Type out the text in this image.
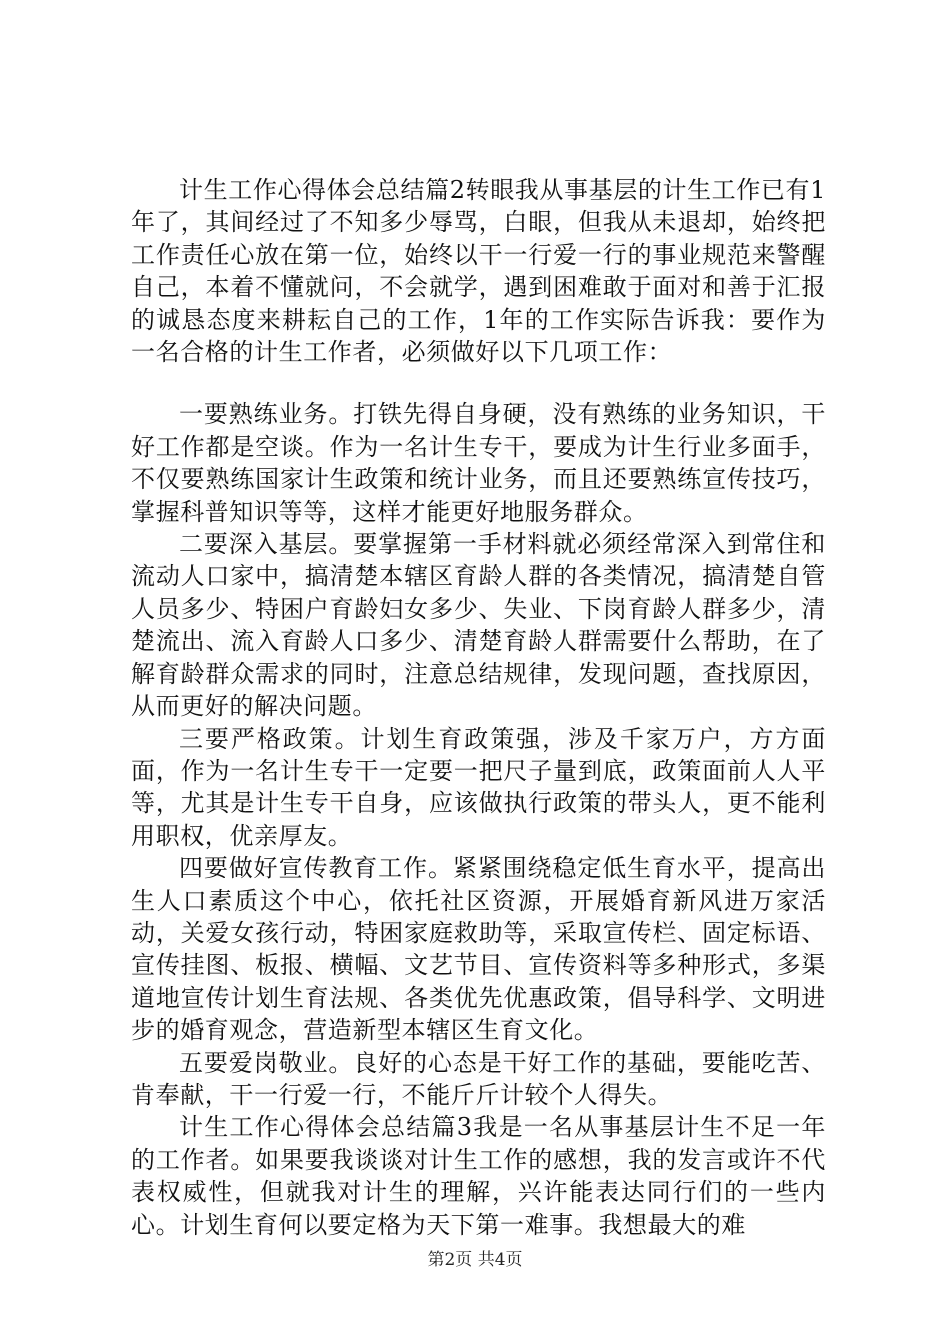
计生工作心得体会总结篇2转眼我从事基层的计生工作已有1年了，其间经过了不知多少辱骂，白眼，但我从未退却，始终把工作责任心放在第一位，始终以干一行爱一行的事业规范来警醒自己，本着不懂就问，不会就学，遇到困难敢于面对和善于汇报的诚恳态度来耕耘自己的工作，1年的工作实际告诉我：要作为一名合格的计生工作者，必须做好以下几项工作：

一要熟练业务。打铁先得自身硬，没有熟练的业务知识，干好工作都是空谈。作为一名计生专干，要成为计生行业多面手，不仅要熟练国家计生政策和统计业务，而且还要熟练宣传技巧，掌握科普知识等等，这样才能更好地服务群众。

二要深入基层。要掌握第一手材料就必须经常深入到常住和流动人口家中，搞清楚本辖区育龄人群的各类情况，搞清楚自管人员多少、特困户育龄妇女多少、失业、下岗育龄人群多少，清楚流出、流入育龄人口多少、清楚育龄人群需要什么帮助，在了解育龄群众需求的同时，注意总结规律，发现问题，查找原因，从而更好的解决问题。

三要严格政策。计划生育政策强，涉及千家万户，方方面面，作为一名计生专干一定要一把尺子量到底，政策面前人人平等，尤其是计生专干自身，应该做执行政策的带头人，更不能利用职权，优亲厚友。

四要做好宣传教育工作。紧紧围绕稳定低生育水平，提高出生人口素质这个中心，依托社区资源，开展婚育新风进万家活动，关爱女孩行动，特困家庭救助等，采取宣传栏、固定标语、宣传挂图、板报、横幅、文艺节目、宣传资料等多种形式，多渠道地宣传计划生育法规、各类优先优惠政策，倡导科学、文明进步的婚育观念，营造新型本辖区生育文化。

五要爱岗敬业。良好的心态是干好工作的基础，要能吃苦、肯奉献，干一行爱一行，不能斤斤计较个人得失。

计生工作心得体会总结篇3我是一名从事基层计生不足一年的工作者。如果要我谈谈对计生工作的感想，我的发言或许不代表权威性，但就我对计生的理解，兴许能表达同行们的一些内心。计划生育何以要定格为天下第一难事。我想最大的难

第2页 共4页
